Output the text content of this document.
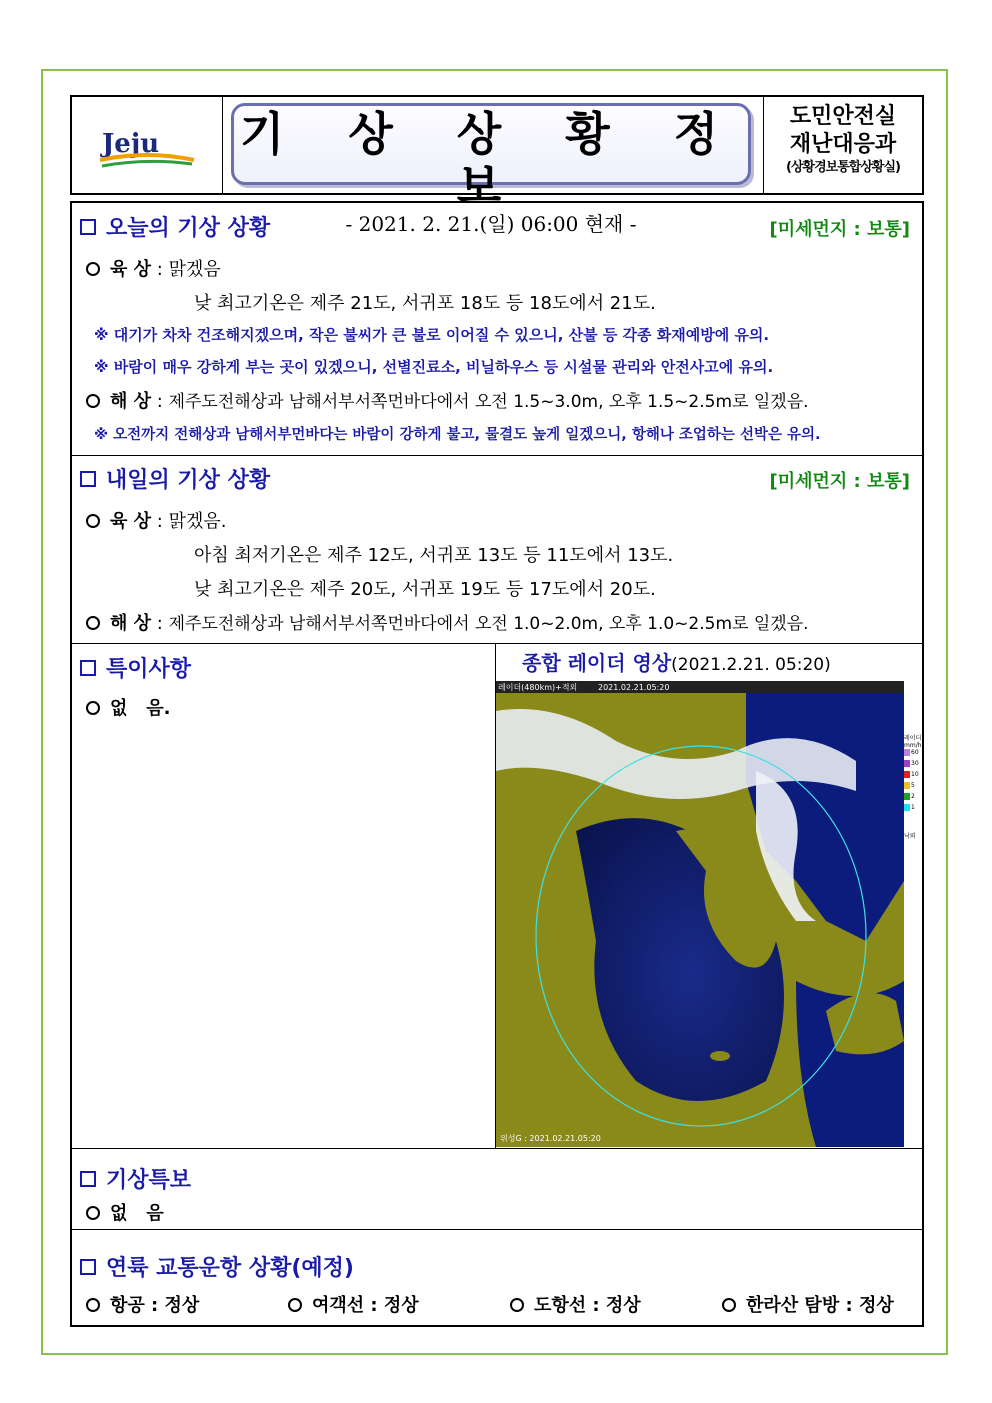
Jeju 기 상 상 황 정 보
- 2021. 2. 21.(일) 06:00 현재 -
도민안전실
재난대응과
(상황경보통합상황실)
오늘의 기상 상황	[미세먼지 : 보통]
육 상 : 맑겠음
낮 최고기온은 제주 21도, 서귀포 18도 등 18도에서 21도.
※ 대기가 차차 건조해지겠으며, 작은 불씨가 큰 불로 이어질 수 있으니, 산불 등 각종 화재예방에 유의.
※ 바람이 매우 강하게 부는 곳이 있겠으니, 선별진료소, 비닐하우스 등 시설물 관리와 안전사고에 유의.
해 상 : 제주도전해상과 남해서부서쪽먼바다에서 오전 1.5~3.0m, 오후 1.5~2.5m로 일겠음.
※ 오전까지 전해상과 남해서부먼바다는 바람이 강하게 불고, 물결도 높게 일겠으니, 항해나 조업하는 선박은 유의.
내일의 기상 상황	[미세먼지 : 보통]
육 상 : 맑겠음.
아침 최저기온은 제주 12도, 서귀포 13도 등 11도에서 13도.
낮 최고기온은 제주 20도, 서귀포 19도 등 17도에서 20도.
해 상 : 제주도전해상과 남해서부서쪽먼바다에서 오전 1.0~2.0m, 오후 1.0~2.5m로 일겠음.
특이사항
없   음.
종합 레이더 영상(2021.2.21. 05:20)
레이더(480km)+적외	2021.02.21.05:20
위성G : 2021.02.21.05:20
레이더
mm/h
60
30
10
5
2
1
낙뢰
기상특보
없   음
연륙 교통운항 상황(예정)
항공 : 정상	여객선 : 정상	도항선 : 정상	한라산 탐방 : 정상
